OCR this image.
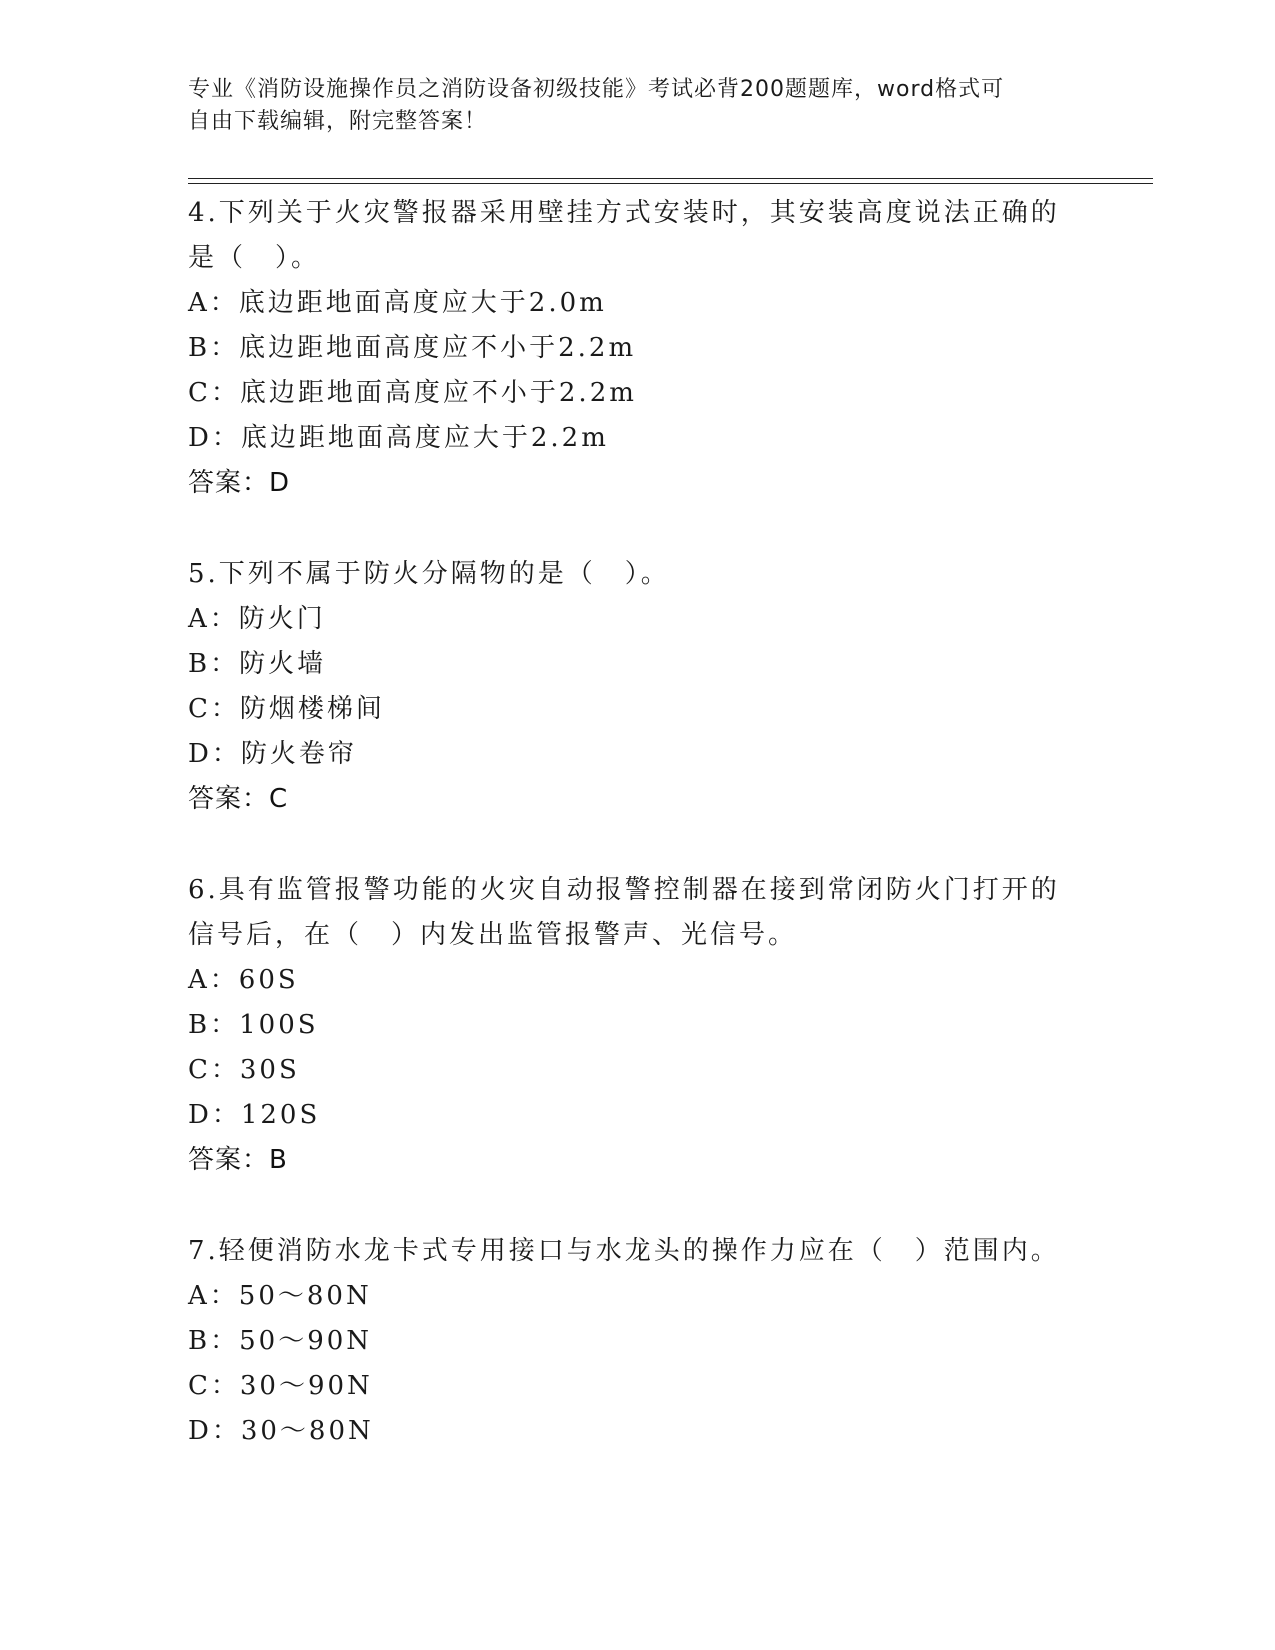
专业《消防设施操作员之消防设备初级技能》考试必背200题题库，word格式可
自由下载编辑，附完整答案！
4.下列关于火灾警报器采用壁挂方式安装时，其安装高度说法正确的
是（　）。
A：底边距地面高度应大于2.0m
B：底边距地面高度应不小于2.2m
C：底边距地面高度应不小于2.2m
D：底边距地面高度应大于2.2m
答案：D
5.下列不属于防火分隔物的是（　）。
A：防火门
B：防火墙
C：防烟楼梯间
D：防火卷帘
答案：C
6.具有监管报警功能的火灾自动报警控制器在接到常闭防火门打开的
信号后，在（　）内发出监管报警声、光信号。
A：60S
B：100S
C：30S
D：120S
答案：B
7.轻便消防水龙卡式专用接口与水龙头的操作力应在（　）范围内。
A：50～80N
B：50～90N
C：30～90N
D：30～80N
